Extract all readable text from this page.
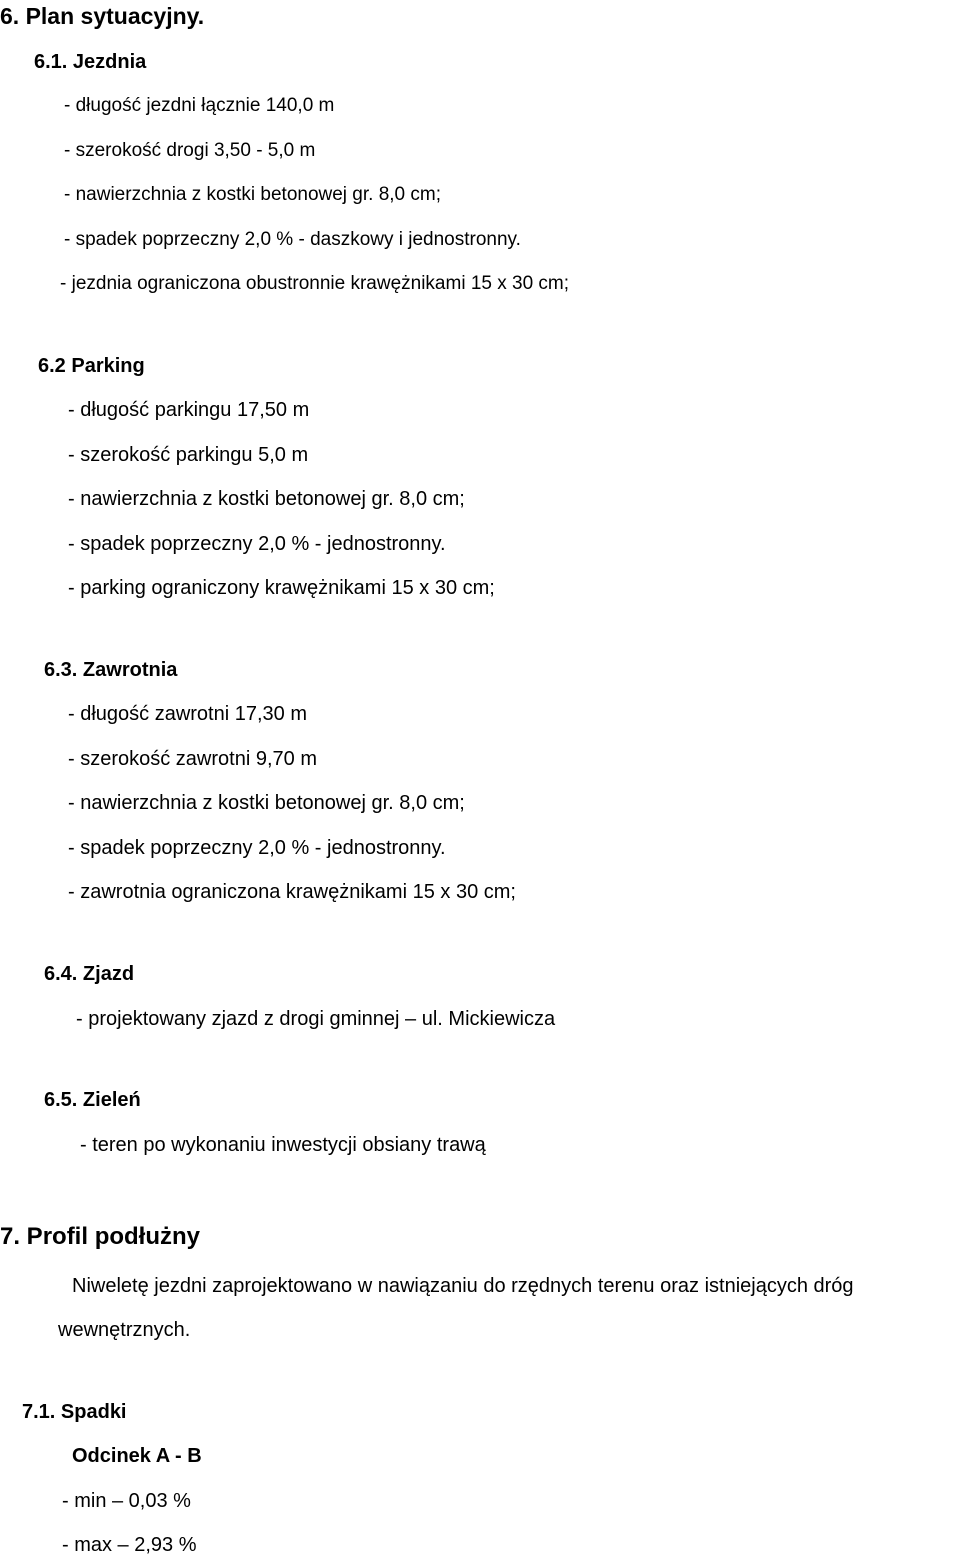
6. Plan sytuacyjny.
6.1. Jezdnia
- długość jezdni łącznie 140,0 m
- szerokość drogi 3,50 - 5,0 m
- nawierzchnia z kostki betonowej gr. 8,0 cm;
- spadek poprzeczny 2,0 % - daszkowy i jednostronny.
- jezdnia ograniczona obustronnie krawężnikami 15 x 30 cm;
6.2 Parking
- długość parkingu 17,50 m
- szerokość parkingu 5,0 m
- nawierzchnia z kostki betonowej gr. 8,0 cm;
- spadek poprzeczny 2,0 % - jednostronny.
- parking ograniczony krawężnikami 15 x 30 cm;
6.3. Zawrotnia
- długość zawrotni 17,30 m
- szerokość zawrotni 9,70 m
- nawierzchnia z kostki betonowej gr. 8,0 cm;
- spadek poprzeczny 2,0 % - jednostronny.
- zawrotnia ograniczona krawężnikami 15 x 30 cm;
6.4. Zjazd
- projektowany zjazd z drogi gminnej – ul. Mickiewicza
6.5. Zieleń
- teren po wykonaniu inwestycji obsiany trawą
7. Profil podłużny
Niweletę jezdni zaprojektowano w nawiązaniu do rzędnych terenu oraz istniejących dróg
wewnętrznych.
7.1. Spadki
Odcinek A - B
- min – 0,03 %
- max – 2,93 %
